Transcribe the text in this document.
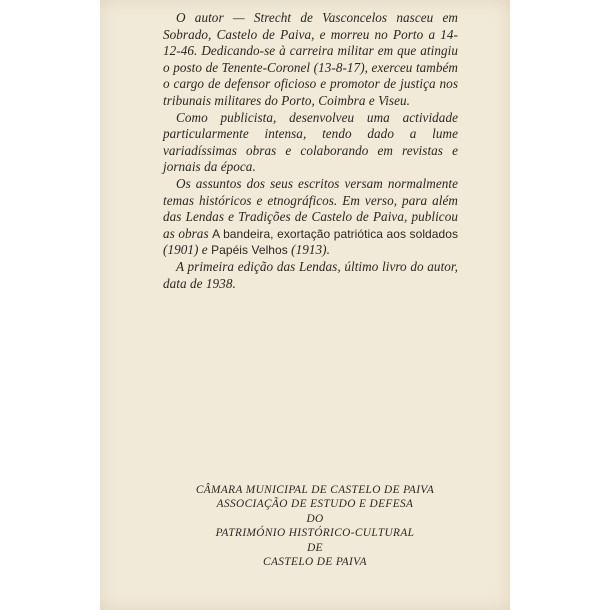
O autor — Strecht de Vasconcelos nasceu em Sobrado, Castelo de Paiva, e morreu no Porto a 14-12-46. Dedicando-se à carreira militar em que atingiu o posto de Tenente-Coronel (13-8-17), exerceu também o cargo de defensor oficioso e promotor de justiça nos tribunais militares do Porto, Coimbra e Viseu.

Como publicista, desenvolveu uma actividade particularmente intensa, tendo dado a lume variadíssimas obras e colaborando em revistas e jornais da época.

Os assuntos dos seus escritos versam normalmente temas históricos e etnográficos. Em verso, para além das Lendas e Tradições de Castelo de Paiva, publicou as obras A bandeira, exortação patriótica aos soldados (1901) e Papéis Velhos (1913).

A primeira edição das Lendas, último livro do autor, data de 1938.

CÂMARA MUNICIPAL DE CASTELO DE PAIVA
ASSOCIAÇÃO DE ESTUDO E DEFESA
DO
PATRIMÓNIO HISTÓRICO-CULTURAL
DE
CASTELO DE PAIVA
